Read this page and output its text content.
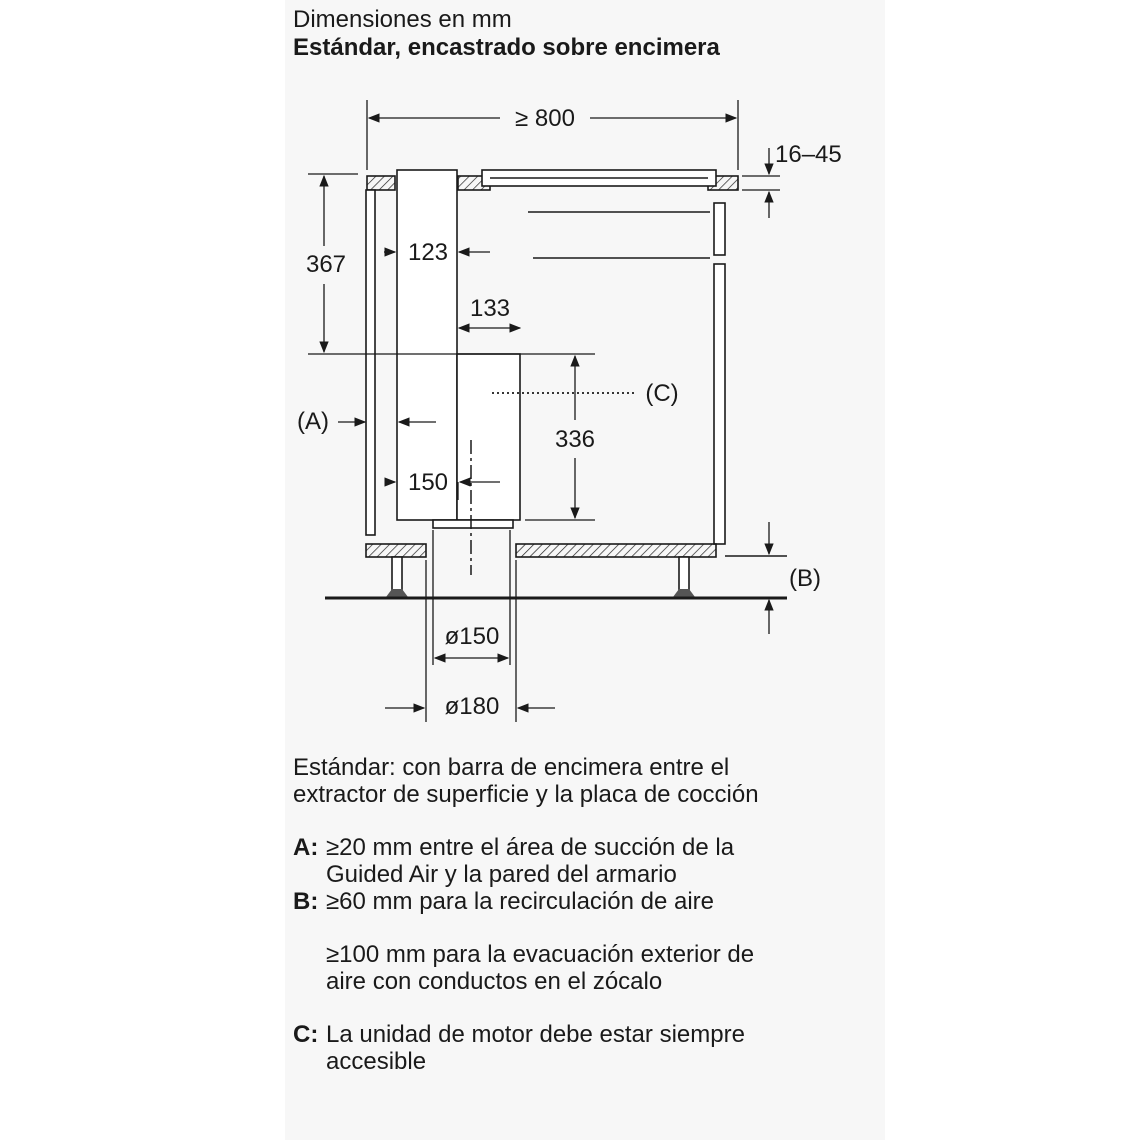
Dimensiones en mm
Estándar, encastrado sobre encimera
≥ 800
16–45
367	123
133
336
150
ø150
ø180
(A)
(B)
(C)

Estándar: con barra de encimera entre el

extractor de superficie y la placa de cocción

A: ≥20 mm entre el área de succión de la

Guided Air y la pared del armario

B: ≥60 mm para la recirculación de aire

≥100 mm para la evacuación exterior de

aire con conductos en el zócalo

C: La unidad de motor debe estar siempre

accesible
